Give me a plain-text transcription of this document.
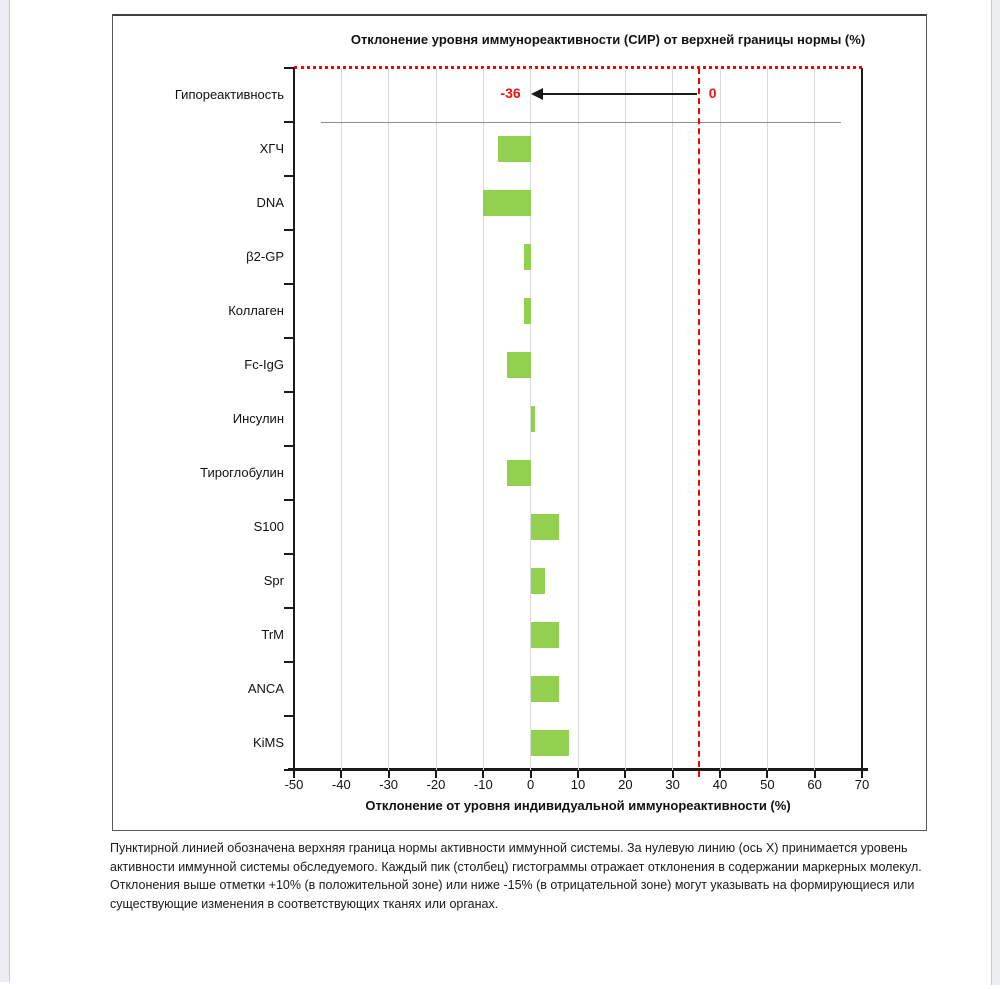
Отклонение уровня иммунореактивности (СИР) от верхней границы нормы (%)
-50	-40	-30	-20	-10	0	10	20	30	40	50	60	70
Гипореактивность
ХГЧ
DNA
β2-GP
Коллаген
Fc-IgG
Инсулин
Тироглобулин
S100
Spr
TrM
ANCA
KiMS
-36	0
Отклонение от уровня индивидуальной иммунореактивности (%)
Пунктирной линией обозначена верхняя граница нормы активности иммунной системы. За нулевую линию (ось X) принимается уровень
активности иммунной системы обследуемого. Каждый пик (столбец) гистограммы отражает отклонения в содержании маркерных молекул.
Отклонения выше отметки +10% (в положительной зоне) или ниже -15% (в отрицательной зоне) могут указывать на формирующиеся или
существующие изменения в соответствующих тканях или органах.
